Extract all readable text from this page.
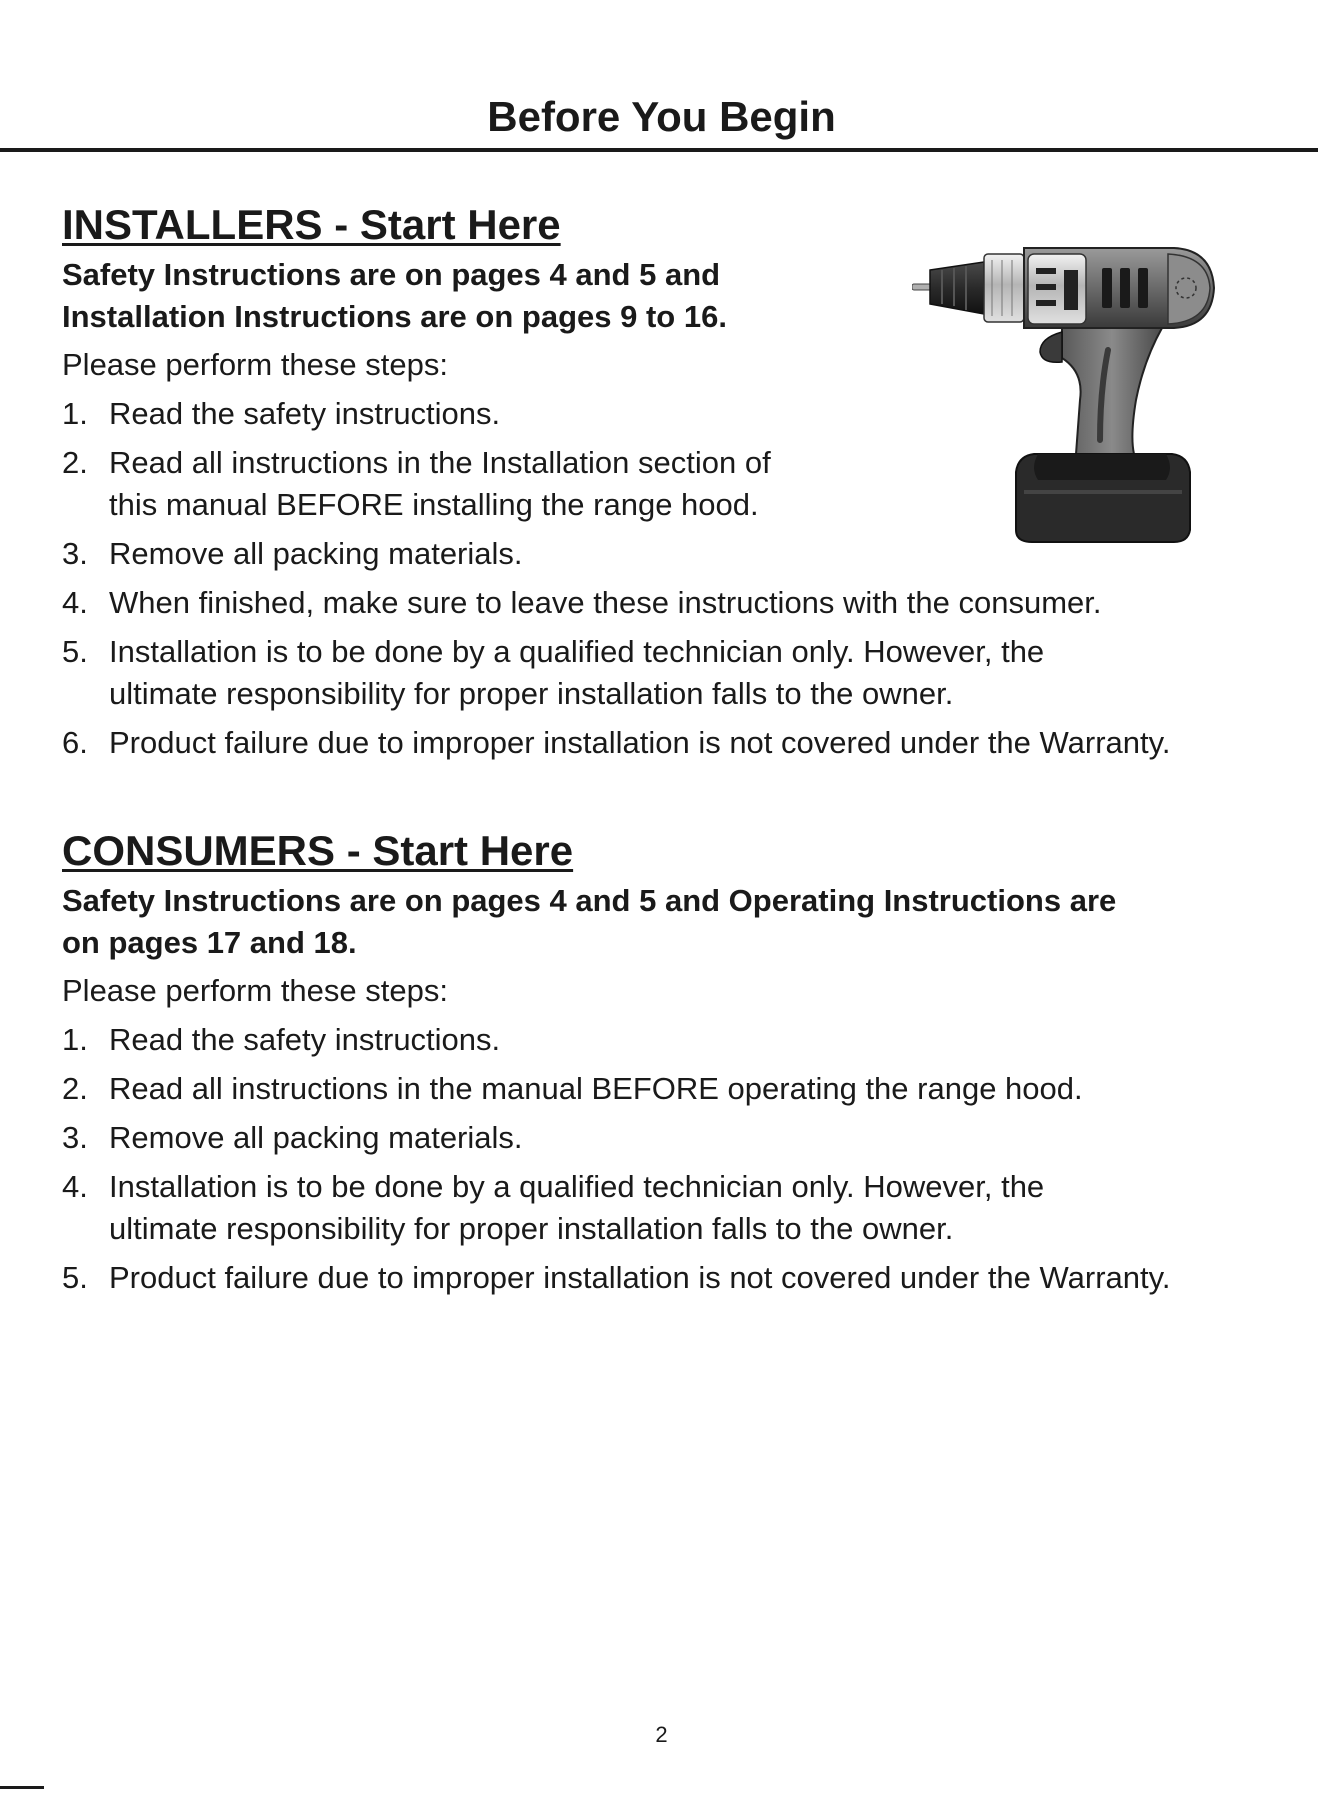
Before You Begin
INSTALLERS - Start Here
Safety Instructions are on pages 4 and 5 and
Installation Instructions are on pages 9 to 16.
Please perform these steps:
1. Read the safety instructions.
2. Read all instructions in the Installation section of
this manual BEFORE installing the range hood.
3. Remove all packing materials.
4. When finished, make sure to leave these instructions with the consumer.
5. Installation is to be done by a qualified technician only. However, the
ultimate responsibility for proper installation falls to the owner.
6. Product failure due to improper installation is not covered under the Warranty.
CONSUMERS - Start Here
Safety Instructions are on pages 4 and 5 and Operating Instructions are
on pages 17 and 18.
Please perform these steps:
1. Read the safety instructions.
2. Read all instructions in the manual BEFORE operating the range hood.
3. Remove all packing materials.
4. Installation is to be done by a qualified technician only. However, the
ultimate responsibility for proper installation falls to the owner.
5. Product failure due to improper installation is not covered under the Warranty.
2
